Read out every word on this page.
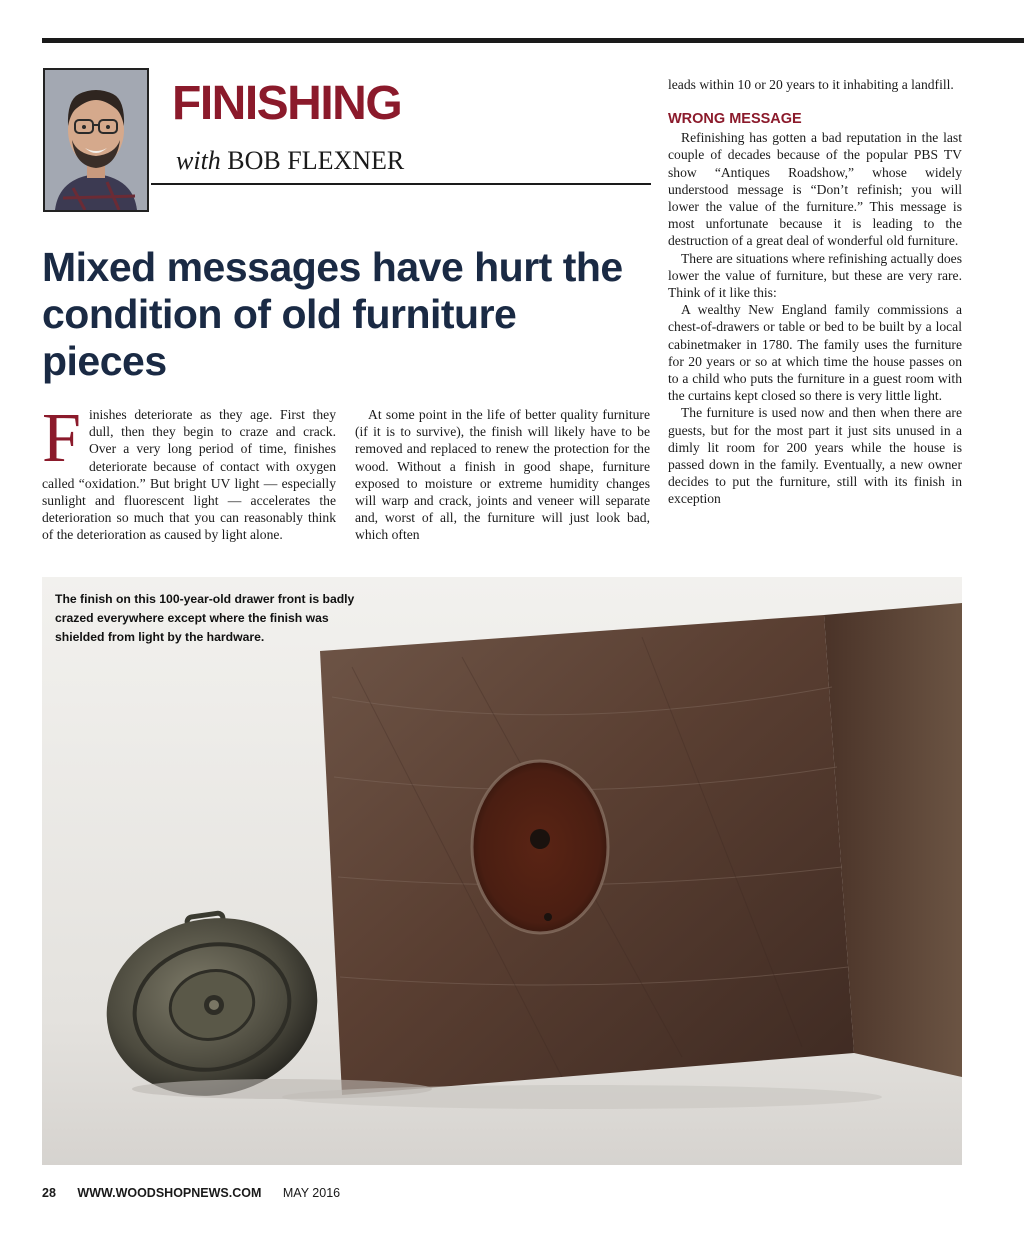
FINISHING
with BOB FLEXNER
Mixed messages have hurt the condition of old furniture pieces
F inishes deteriorate as they age. First they dull, then they begin to craze and crack. Over a very long period of time, finishes deteriorate because of contact with oxygen called “oxidation.” But bright UV light — especially sunlight and fluorescent light — accelerates the deterioration so much that you can reasonably think of the deterioration as caused by light alone.

At some point in the life of better quality furniture (if it is to survive), the finish will likely have to be removed and replaced to renew the protection for the wood. Without a finish in good shape, furniture exposed to moisture or extreme humidity changes will warp and crack, joints and veneer will separate and, worst of all, the furniture will just look bad, which often

leads within 10 or 20 years to it inhabiting a landfill.

WRONG MESSAGE

Refinishing has gotten a bad reputation in the last couple of decades because of the popular PBS TV show “Antiques Roadshow,” whose widely understood message is “Don’t refinish; you will lower the value of the furniture.” This message is most unfortunate because it is leading to the destruction of a great deal of wonderful old furniture.

There are situations where refinishing actually does lower the value of furniture, but these are very rare. Think of it like this:

A wealthy New England family commissions a chest-of-drawers or table or bed to be built by a local cabinetmaker in 1780. The family uses the furniture for 20 years or so at which time the house passes on to a child who puts the furniture in a guest room with the curtains kept closed so there is very little light.

The furniture is used now and then when there are guests, but for the most part it just sits unused in a dimly lit room for 200 years while the house is passed down in the family. Eventually, a new owner decides to put the furniture, still with its finish in exception

The finish on this 100-year-old drawer front is badly crazed everywhere except where the finish was shielded from light by the hardware.

28 WWW.WOODSHOPNEWS.COM MAY 2016
